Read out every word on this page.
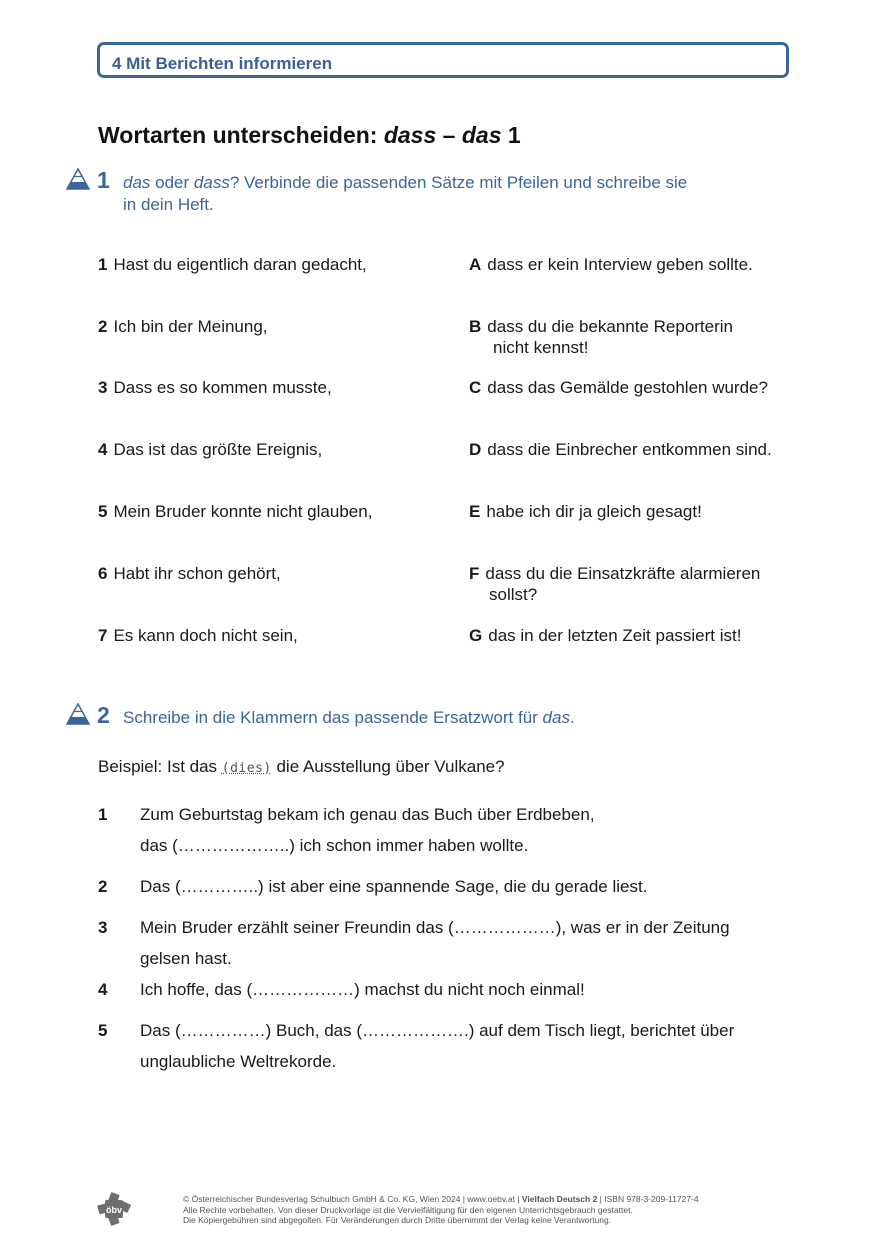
4 Mit Berichten informieren
Wortarten unterscheiden: dass – das 1
1 das oder dass? Verbinde die passenden Sätze mit Pfeilen und schreibe sie
in dein Heft.
1 Hast du eigentlich daran gedacht,
2 Ich bin der Meinung,
3 Dass es so kommen musste,
4 Das ist das größte Ereignis,
5 Mein Bruder konnte nicht glauben,
6 Habt ihr schon gehört,
7 Es kann doch nicht sein,
A dass er kein Interview geben sollte.
B dass du die bekannte Reporterin
nicht kennst!
C dass das Gemälde gestohlen wurde?
D dass die Einbrecher entkommen sind.
E habe ich dir ja gleich gesagt!
F dass du die Einsatzkräfte alarmieren
sollst?
G das in der letzten Zeit passiert ist!
2 Schreibe in die Klammern das passende Ersatzwort für das.
Beispiel: Ist das (dies) die Ausstellung über Vulkane?
1 Zum Geburtstag bekam ich genau das Buch über Erdbeben,
das (………………..) ich schon immer haben wollte.
2 Das (…………..) ist aber eine spannende Sage, die du gerade liest.
3 Mein Bruder erzählt seiner Freundin das (………………), was er in der Zeitung
gelsen hast.
4 Ich hoffe, das (………………) machst du nicht noch einmal!
5 Das (……………) Buch, das (……………….) auf dem Tisch liegt, berichtet über
unglaubliche Weltrekorde.
öbv
© Österreichischer Bundesverlag Schulbuch GmbH & Co. KG, Wien 2024 | www.oebv.at | Vielfach Deutsch 2 | ISBN 978-3-209-11727-4
Alle Rechte vorbehalten. Von dieser Druckvorlage ist die Vervielfältigung für den eigenen Unterrichtsgebrauch gestattet.
Die Kopiergebühren sind abgegolten. Für Veränderungen durch Dritte übernimmt der Verlag keine Verantwortung.
